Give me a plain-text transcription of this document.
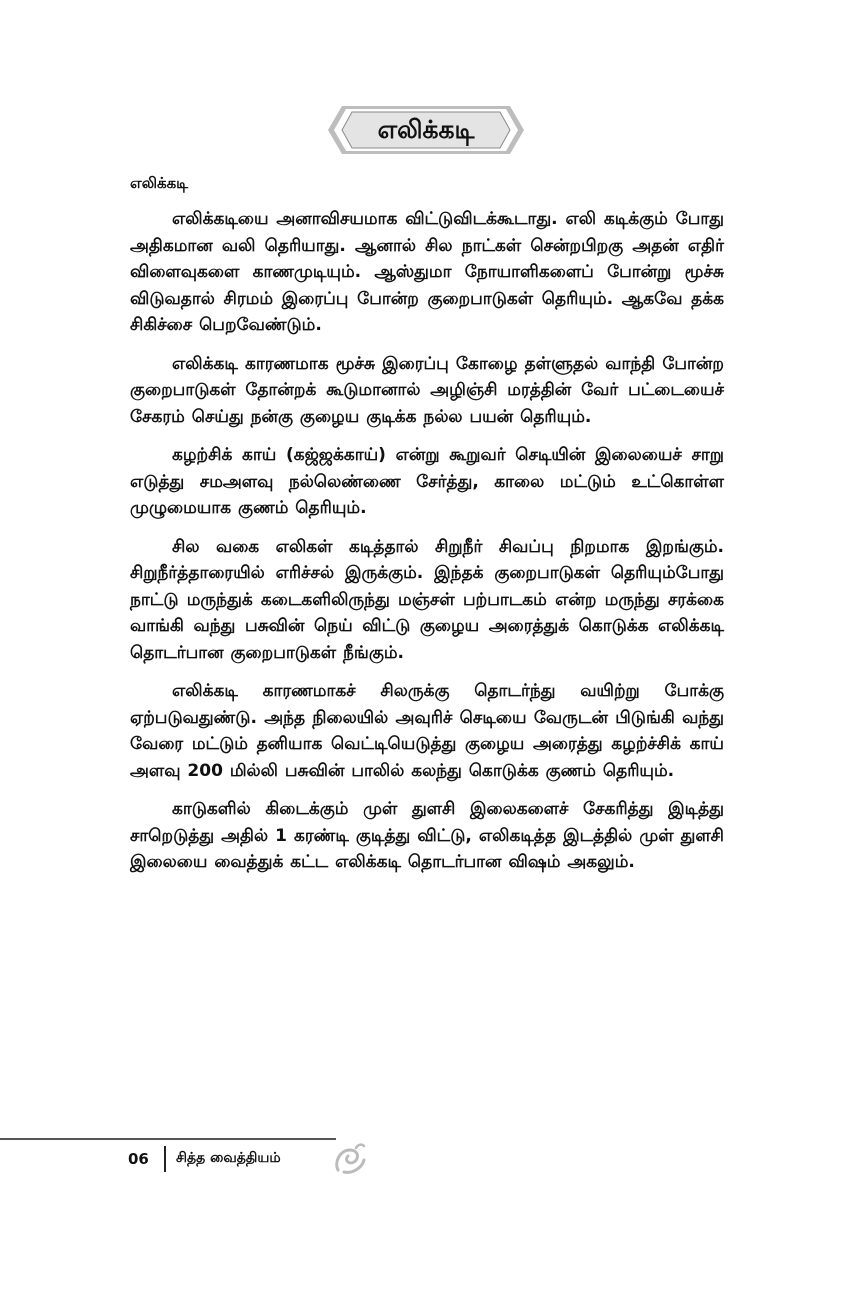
எலிக்கடி

எலிக்கடி

எலிக்கடியை அனாவிசயமாக விட்டுவிடக்கூடாது. எலி கடிக்கும் போது அதிகமான வலி தெரியாது. ஆனால் சில நாட்கள் சென்றபிறகு அதன் எதிர் விளைவுகளை காணமுடியும். ஆஸ்துமா நோயாளிகளைப் போன்று மூச்சு விடுவதால் சிரமம் இரைப்பு போன்ற குறைபாடுகள் தெரியும். ஆகவே தக்க சிகிச்சை பெறவேண்டும்.

எலிக்கடி காரணமாக மூச்சு இரைப்பு கோழை தள்ளுதல் வாந்தி போன்ற குறைபாடுகள் தோன்றக் கூடுமானால் அழிஞ்சி மரத்தின் வேர் பட்டையைச் சேகரம் செய்து நன்கு குழைய குடிக்க நல்ல பயன் தெரியும்.

கழற்சிக் காய் (கஜ்ஜக்காய்) என்று கூறுவர் செடியின் இலையைச் சாறு எடுத்து சமஅளவு நல்லெண்ணை சேர்த்து, காலை மட்டும் உட்கொள்ள முழுமையாக குணம் தெரியும்.

சில வகை எலிகள் கடித்தால் சிறுநீர் சிவப்பு நிறமாக இறங்கும். சிறுநீர்த்தாரையில் எரிச்சல் இருக்கும். இந்தக் குறைபாடுகள் தெரியும்போது நாட்டு மருந்துக் கடைகளிலிருந்து மஞ்சள் பற்பாடகம் என்ற மருந்து சரக்கை வாங்கி வந்து பசுவின் நெய் விட்டு குழைய அரைத்துக் கொடுக்க எலிக்கடி தொடர்பான குறைபாடுகள் நீங்கும்.

எலிக்கடி காரணமாகச் சிலருக்கு தொடர்ந்து வயிற்று போக்கு ஏற்படுவதுண்டு. அந்த நிலையில் அவுரிச் செடியை வேருடன் பிடுங்கி வந்து வேரை மட்டும் தனியாக வெட்டியெடுத்து குழைய அரைத்து கழற்ச்சிக் காய் அளவு 200 மில்லி பசுவின் பாலில் கலந்து கொடுக்க குணம் தெரியும்.

காடுகளில் கிடைக்கும் முள் துளசி இலைகளைச் சேகரித்து இடித்து சாறெடுத்து அதில் 1 கரண்டி குடித்து விட்டு, எலிகடித்த இடத்தில் முள் துளசி இலையை வைத்துக் கட்ட எலிக்கடி தொடர்பான விஷம் அகலும்.

06 சித்த வைத்தியம்
